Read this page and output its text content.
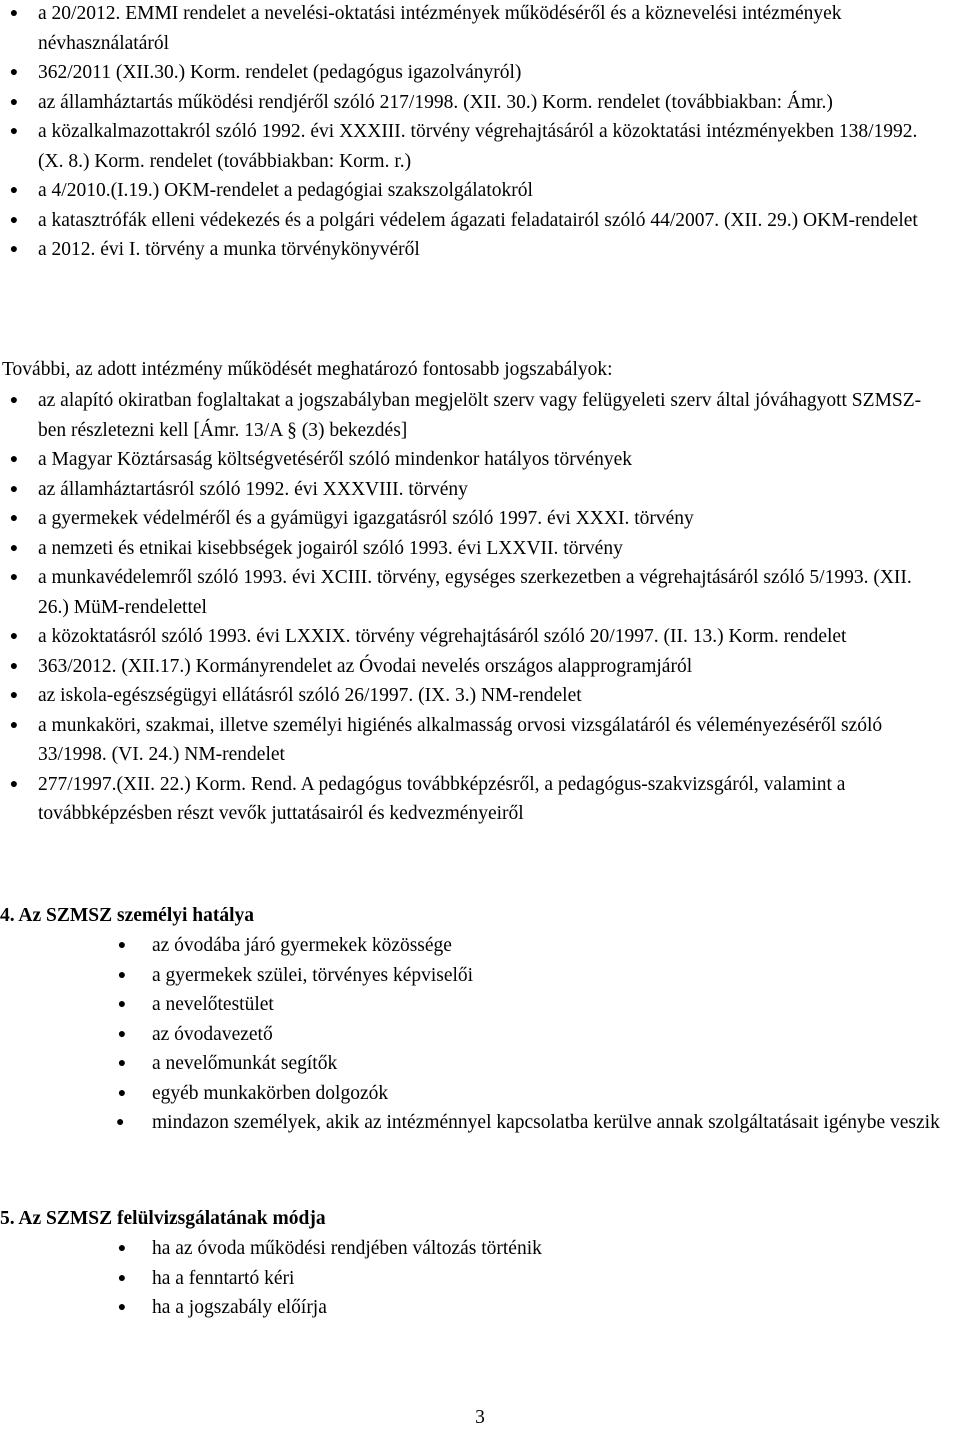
● a 20/2012. EMMI rendelet a nevelési-oktatási intézmények működéséről és a köznevelési intézmények névhasználatáról
● 362/2011 (XII.30.) Korm. rendelet (pedagógus igazolványról)
● az államháztartás működési rendjéről szóló 217/1998. (XII. 30.) Korm. rendelet (továbbiakban: Ámr.)
● a közalkalmazottakról szóló 1992. évi XXXIII. törvény végrehajtásáról a közoktatási intézményekben 138/1992. (X. 8.) Korm. rendelet (továbbiakban: Korm. r.)
● a 4/2010.(I.19.) OKM-rendelet a pedagógiai szakszolgálatokról
● a katasztrófák elleni védekezés és a polgári védelem ágazati feladatairól szóló 44/2007. (XII. 29.) OKM-rendelet
● a 2012. évi I. törvény a munka törvénykönyvéről
További, az adott intézmény működését meghatározó fontosabb jogszabályok:
● az alapító okiratban foglaltakat a jogszabályban megjelölt szerv vagy felügyeleti szerv által jóváhagyott SZMSZ-ben részletezni kell [Ámr. 13/A § (3) bekezdés]
● a Magyar Köztársaság költségvetéséről szóló mindenkor hatályos törvények
● az államháztartásról szóló 1992. évi XXXVIII. törvény
● a gyermekek védelméről és a gyámügyi igazgatásról szóló 1997. évi XXXI. törvény
● a nemzeti és etnikai kisebbségek jogairól szóló 1993. évi LXXVII. törvény
● a munkavédelemről szóló 1993. évi XCIII. törvény, egységes szerkezetben a végrehajtásáról szóló 5/1993. (XII. 26.) MüM-rendelettel
● a közoktatásról szóló 1993. évi LXXIX. törvény végrehajtásáról szóló 20/1997. (II. 13.) Korm. rendelet
● 363/2012. (XII.17.) Kormányrendelet az Óvodai nevelés országos alapprogramjáról
● az iskola-egészségügyi ellátásról szóló 26/1997. (IX. 3.) NM-rendelet
● a munkaköri, szakmai, illetve személyi higiénés alkalmasság orvosi vizsgálatáról és véleményezéséről szóló 33/1998. (VI. 24.) NM-rendelet
● 277/1997.(XII. 22.) Korm. Rend. A pedagógus továbbképzésről, a pedagógus-szakvizsgáról, valamint a továbbképzésben részt vevők juttatásairól és kedvezményeiről
4. Az SZMSZ személyi hatálya
● az óvodába járó gyermekek közössége
● a gyermekek szülei, törvényes képviselői
● a nevelőtestület
● az óvodavezető
● a nevelőmunkát segítők
● egyéb munkakörben dolgozók
● mindazon személyek, akik az intézménnyel kapcsolatba kerülve annak szolgáltatásait igénybe veszik
5. Az SZMSZ felülvizsgálatának módja
● ha az óvoda működési rendjében változás történik
● ha a fenntartó kéri
● ha a jogszabály előírja
3
